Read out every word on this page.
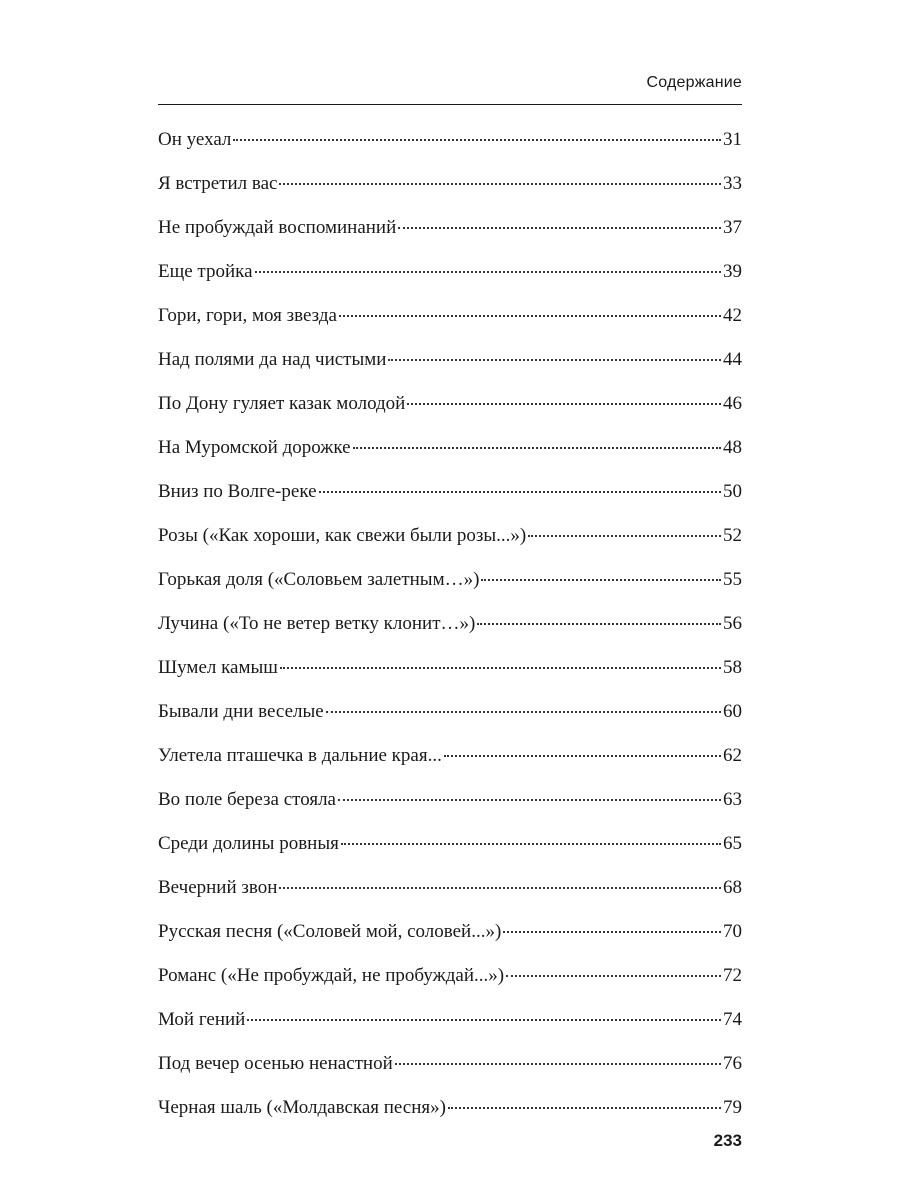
Содержание
Он уехал	31
Я встретил вас	33
Не пробуждай воспоминаний	37
Еще тройка	39
Гори, гори, моя звезда	42
Над полями да над чистыми	44
По Дону гуляет казак молодой	46
На Муромской дорожке	48
Вниз по Волге-реке	50
Розы («Как хороши, как свежи были розы...»)	52
Горькая доля («Соловьем залетным…»)	55
Лучина («То не ветер ветку клонит…»)	56
Шумел камыш	58
Бывали дни веселые	60
Улетела пташечка в дальние края...	62
Во поле береза стояла	63
Среди долины ровныя	65
Вечерний звон	68
Русская песня («Соловей мой, соловей...»)	70
Романс («Не пробуждай, не пробуждай...»)	72
Мой гений	74
Под вечер осенью ненастной	76
Черная шаль («Молдавская песня»)	79
233
